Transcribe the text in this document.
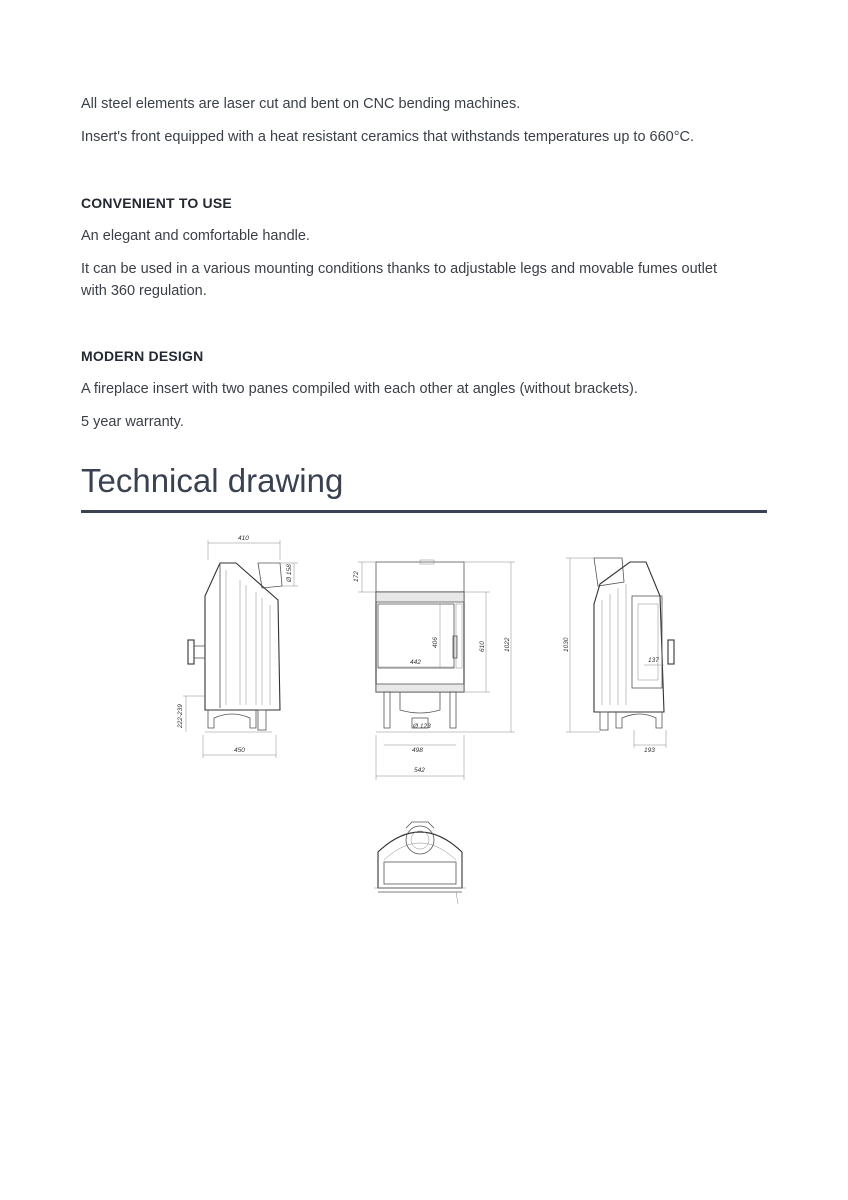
All steel elements are laser cut and bent on CNC bending machines.

Insert's front equipped with a heat resistant ceramics that withstands temperatures up to 660°C.

CONVENIENT TO USE

An elegant and comfortable handle.

It can be used in a various mounting conditions thanks to adjustable legs and movable fumes outlet

with 360 regulation.

MODERN DESIGN

A fireplace insert with two panes compiled with each other at angles (without brackets).

5 year warranty.

Technical drawing
410
Ø 158
222-239
450
172
406
442
610	1022
Ø 123
498
542
1030
137
193
